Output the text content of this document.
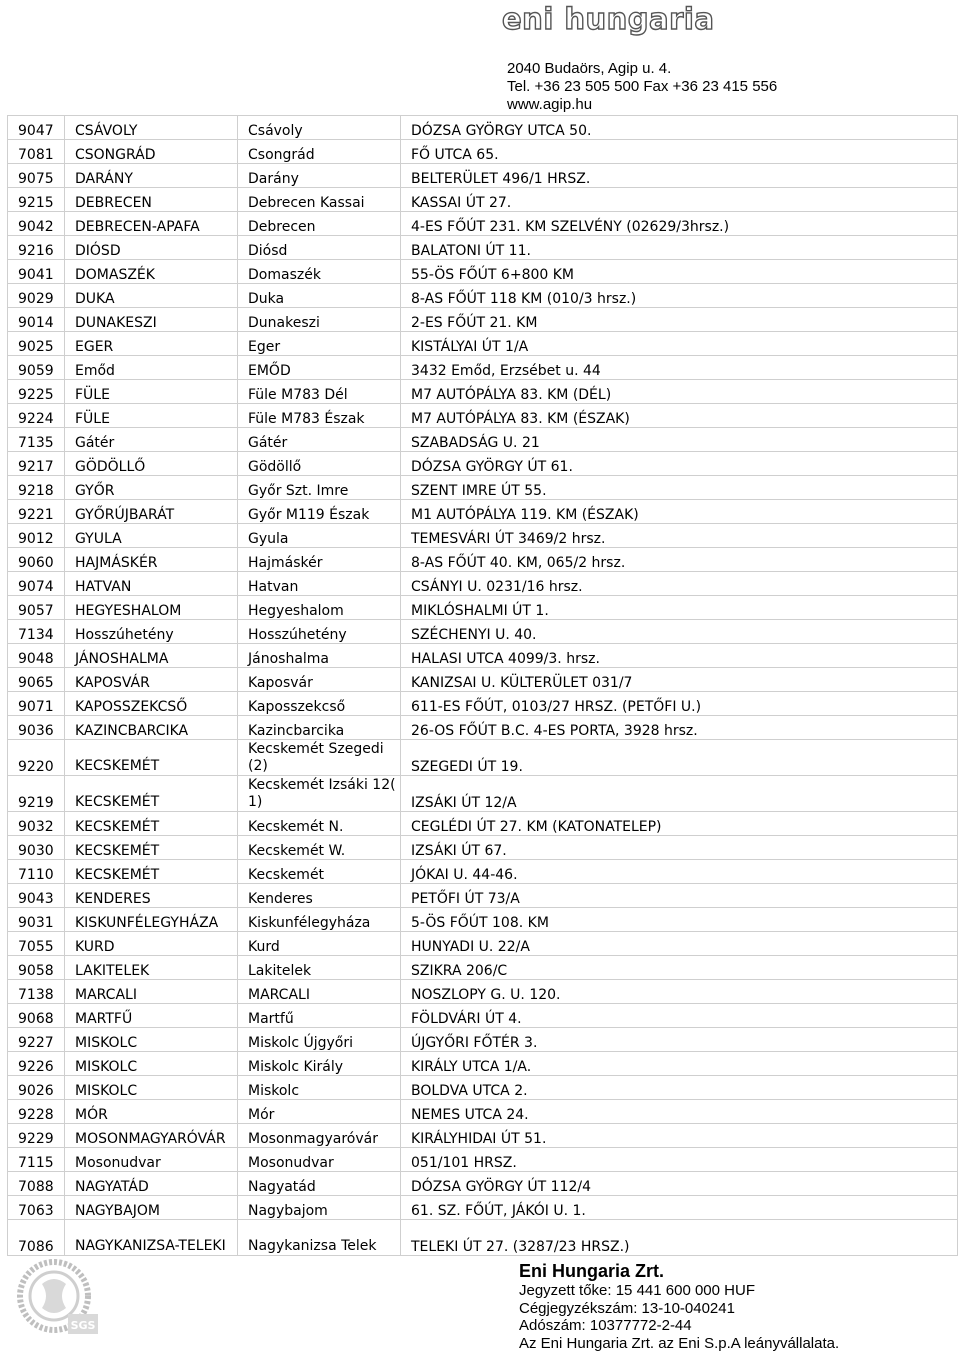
eni hungaria
2040 Budaörs, Agip u. 4.
Tel. +36 23 505 500 Fax +36 23 415 556
www.agip.hu
9047	CSÁVOLY	Csávoly	DÓZSA GYÖRGY UTCA 50.
7081	CSONGRÁD	Csongrád	FŐ UTCA 65.
9075	DARÁNY	Darány	BELTERÜLET 496/1 HRSZ.
9215	DEBRECEN	Debrecen Kassai	KASSAI ÚT 27.
9042	DEBRECEN-APAFA	Debrecen	4-ES FŐÚT 231. KM SZELVÉNY (02629/3hrsz.)
9216	DIÓSD	Diósd	BALATONI ÚT 11.
9041	DOMASZÉK	Domaszék	55-ÖS FŐÚT 6+800 KM
9029	DUKA	Duka	8-AS FŐÚT 118 KM (010/3 hrsz.)
9014	DUNAKESZI	Dunakeszi	2-ES FŐÚT 21. KM
9025	EGER	Eger	KISTÁLYAI ÚT 1/A
9059	Emőd	EMŐD	3432 Emőd, Erzsébet u. 44
9225	FÜLE	Füle M783 Dél	M7 AUTÓPÁLYA 83. KM (DÉL)
9224	FÜLE	Füle M783 Észak	M7 AUTÓPÁLYA 83. KM (ÉSZAK)
7135	Gátér	Gátér	SZABADSÁG U. 21
9217	GÖDÖLLŐ	Gödöllő	DÓZSA GYÖRGY ÚT 61.
9218	GYŐR	Győr Szt. Imre	SZENT IMRE ÚT 55.
9221	GYŐRÚJBARÁT	Győr M119 Észak	M1 AUTÓPÁLYA 119. KM (ÉSZAK)
9012	GYULA	Gyula	TEMESVÁRI ÚT 3469/2 hrsz.
9060	HAJMÁSKÉR	Hajmáskér	8-AS FŐÚT 40. KM, 065/2 hrsz.
9074	HATVAN	Hatvan	CSÁNYI U. 0231/16 hrsz.
9057	HEGYESHALOM	Hegyeshalom	MIKLÓSHALMI ÚT 1.
7134	Hosszúhetény	Hosszúhetény	SZÉCHENYI U. 40.
9048	JÁNOSHALMA	Jánoshalma	HALASI UTCA 4099/3. hrsz.
9065	KAPOSVÁR	Kaposvár	KANIZSAI U. KÜLTERÜLET 031/7
9071	KAPOSSZEKCSŐ	Kaposszekcső	611-ES FŐÚT, 0103/27 HRSZ. (PETŐFI U.)
9036	KAZINCBARCIKA	Kazincbarcika	26-OS FŐÚT B.C. 4-ES PORTA, 3928 hrsz.
9220	KECSKEMÉT	Kecskemét Szegedi (2)	SZEGEDI ÚT 19.
9219	KECSKEMÉT	Kecskemét Izsáki 12( 1)	IZSÁKI ÚT 12/A
9032	KECSKEMÉT	Kecskemét N.	CEGLÉDI ÚT 27. KM (KATONATELEP)
9030	KECSKEMÉT	Kecskemét W.	IZSÁKI ÚT 67.
7110	KECSKEMÉT	Kecskemét	JÓKAI U. 44-46.
9043	KENDERES	Kenderes	PETŐFI ÚT 73/A
9031	KISKUNFÉLEGYHÁZA	Kiskunfélegyháza	5-ÖS FŐÚT 108. KM
7055	KURD	Kurd	HUNYADI U. 22/A
9058	LAKITELEK	Lakitelek	SZIKRA 206/C
7138	MARCALI	MARCALI	NOSZLOPY G. U. 120.
9068	MARTFŰ	Martfű	FÖLDVÁRI ÚT 4.
9227	MISKOLC	Miskolc Újgyőri	ÚJGYŐRI FŐTÉR 3.
9226	MISKOLC	Miskolc Király	KIRÁLY UTCA 1/A.
9026	MISKOLC	Miskolc	BOLDVA UTCA 2.
9228	MÓR	Mór	NEMES UTCA 24.
9229	MOSONMAGYARÓVÁR	Mosonmagyaróvár	KIRÁLYHIDAI ÚT 51.
7115	Mosonudvar	Mosonudvar	051/101 HRSZ.
7088	NAGYATÁD	Nagyatád	DÓZSA GYÖRGY ÚT 112/4
7063	NAGYBAJOM	Nagybajom	61. SZ. FŐÚT, JÁKÓI U. 1.
7086	NAGYKANIZSA-TELEKI	Nagykanizsa Telek	TELEKI ÚT 27. (3287/23 HRSZ.)
SGS
Eni Hungaria Zrt.
Jegyzett tőke: 15 441 600 000 HUF
Cégjegyzékszám: 13-10-040241
Adószám: 10377772-2-44
Az Eni Hungaria Zrt. az Eni S.p.A leányvállalata.
